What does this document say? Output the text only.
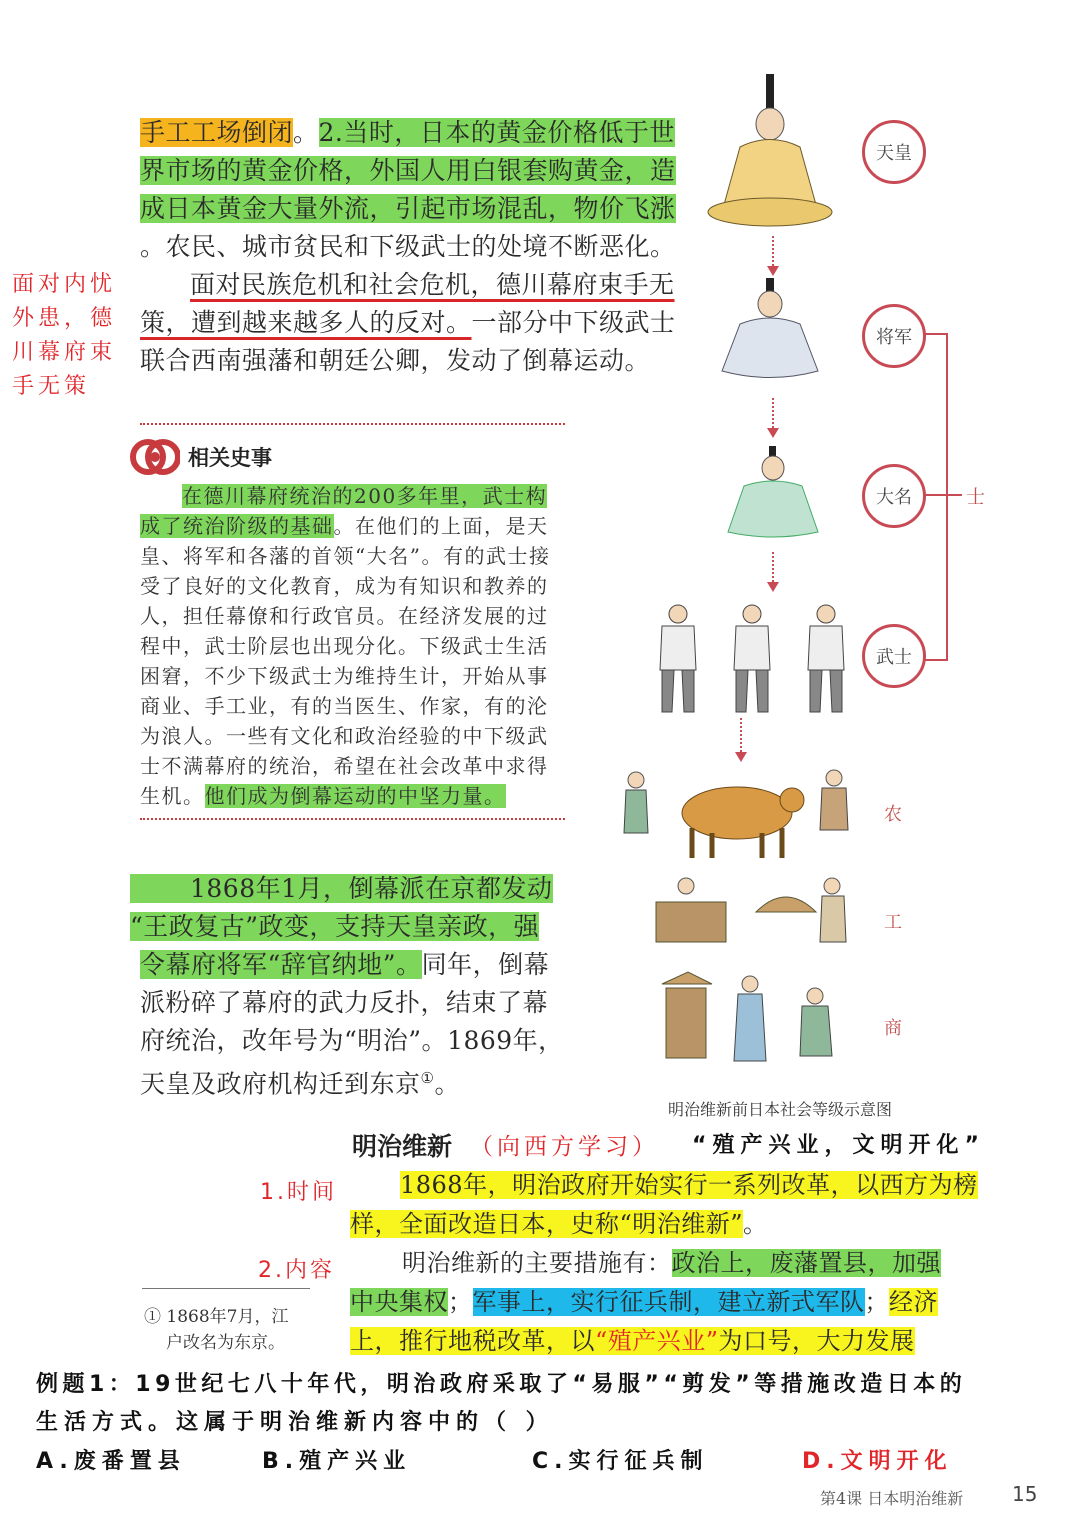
手工工场倒闭。2.当时，日本的黄金价格低于世
界市场的黄金价格，外国人用白银套购黄金，造
成日本黄金大量外流，引起市场混乱，物价飞涨
。农民、城市贫民和下级武士的处境不断恶化。
面对民族危机和社会危机，德川幕府束手无
策，遭到越来越多人的反对。一部分中下级武士
联合西南强藩和朝廷公卿，发动了倒幕运动。
面对内忧外患，德川幕府束手无策
相关史事
在德川幕府统治的200多年里，武士构
成了统治阶级的基础。在他们的上面，是天
皇、将军和各藩的首领“大名”。有的武士接
受了良好的文化教育，成为有知识和教养的
人，担任幕僚和行政官员。在经济发展的过
程中，武士阶层也出现分化。下级武士生活
困窘，不少下级武士为维持生计，开始从事
商业、手工业，有的当医生、作家，有的沦
为浪人。一些有文化和政治经验的中下级武
士不满幕府的统治，希望在社会改革中求得
生机。他们成为倒幕运动的中坚力量。
1868年1月，倒幕派在京都发动
“王政复古”政变，支持天皇亲政，强
令幕府将军“辞官纳地”。同年，倒幕
派粉碎了幕府的武力反扑，结束了幕
府统治，改年号为“明治”。1869年，
天皇及政府机构迁到东京①。
天皇
将军
大名
武士
士
农
工
商
明治维新前日本社会等级示意图
明治维新 （向西方学习） “殖产兴业，文明开化”
1.时间	1868年，明治政府开始实行一系列改革，以西方为榜
样，全面改造日本，史称“明治维新”。
2.内容	明治维新的主要措施有：政治上，废藩置县，加强
中央集权；军事上，实行征兵制，建立新式军队；经济
上，推行地税改革，以“殖产兴业”为口号，大力发展
① 1868年7月，江
户改名为东京。
例题1：19世纪七八十年代，明治政府采取了“易服”“剪发”等措施改造日本的
生活方式。这属于明治维新内容中的（ ）
A.废番置县	B.殖产兴业	C.实行征兵制	D.文明开化
第4课 日本明治维新 15
